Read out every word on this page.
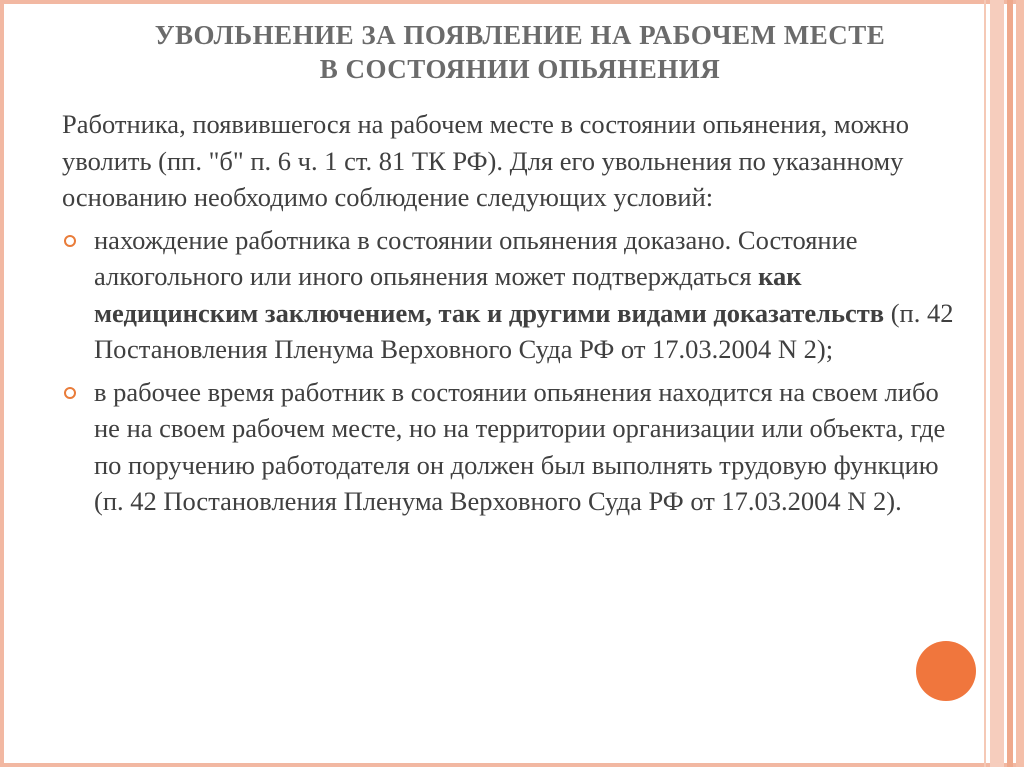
УВОЛЬНЕНИЕ ЗА ПОЯВЛЕНИЕ НА РАБОЧЕМ МЕСТЕ
В СОСТОЯНИИ ОПЬЯНЕНИЯ

Работника, появившегося на рабочем месте в состоянии опьянения, можно уволить (пп. "б" п. 6 ч. 1 ст. 81 ТК РФ). Для его увольнения по указанному основанию необходимо соблюдение следующих условий:

нахождение работника в состоянии опьянения доказано. Состояние алкогольного или иного опьянения может подтверждаться как медицинским заключением, так и другими видами доказательств (п. 42 Постановления Пленума Верховного Суда РФ от 17.03.2004 N 2);
в рабочее время работник в состоянии опьянения находится на своем либо не на своем рабочем месте, но на территории организации или объекта, где по поручению работодателя он должен был выполнять трудовую функцию (п. 42 Постановления Пленума Верховного Суда РФ от 17.03.2004 N 2).
